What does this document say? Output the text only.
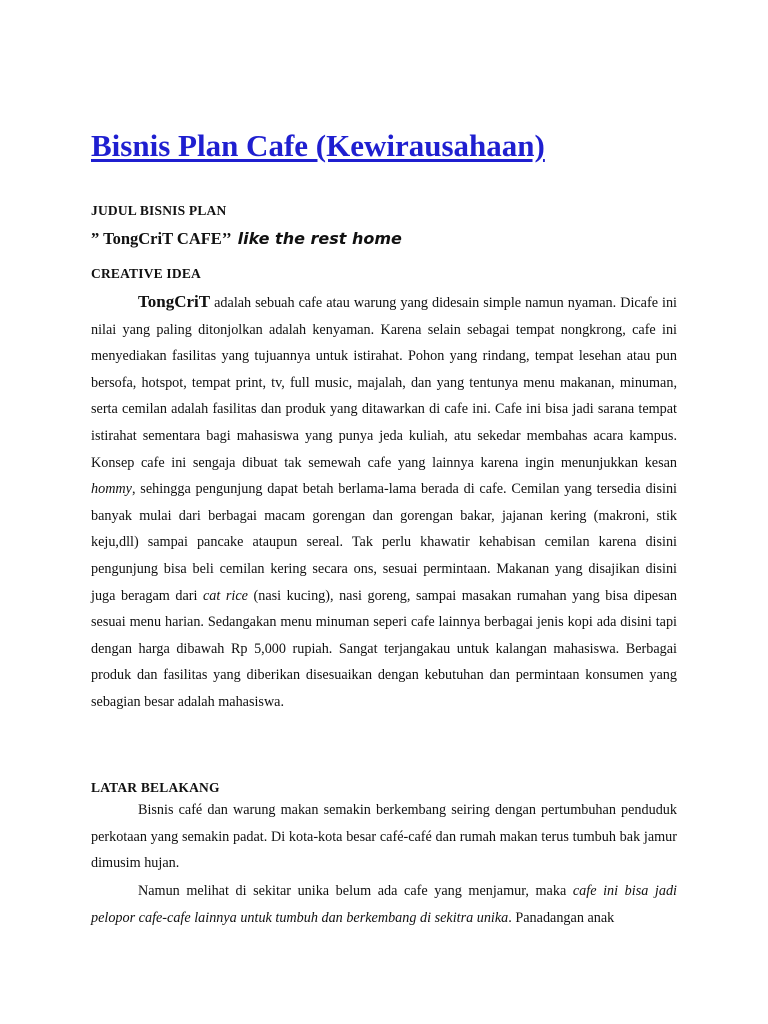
Bisnis Plan Cafe (Kewirausahaan)
JUDUL BISNIS PLAN
” TongCriT CAFE’’ like the rest home
CREATIVE IDEA

TongCriT adalah sebuah cafe atau warung yang didesain simple namun nyaman. Dicafe ini nilai yang paling ditonjolkan adalah kenyaman. Karena selain sebagai tempat nongkrong, cafe ini menyediakan fasilitas yang tujuannya untuk istirahat. Pohon yang rindang, tempat lesehan atau pun bersofa, hotspot, tempat print, tv, full music, majalah, dan yang tentunya menu makanan, minuman, serta cemilan adalah fasilitas dan produk yang ditawarkan di cafe ini. Cafe ini bisa jadi sarana tempat istirahat sementara bagi mahasiswa yang punya jeda kuliah, atu sekedar membahas acara kampus. Konsep cafe ini sengaja dibuat tak semewah cafe yang lainnya karena ingin menunjukkan kesan hommy, sehingga pengunjung dapat betah berlama-lama berada di cafe. Cemilan yang tersedia disini banyak mulai dari berbagai macam gorengan dan gorengan bakar, jajanan kering (makroni, stik keju,dll) sampai pancake ataupun sereal. Tak perlu khawatir kehabisan cemilan karena disini pengunjung bisa beli cemilan kering secara ons, sesuai permintaan. Makanan yang disajikan disini juga beragam dari cat rice (nasi kucing), nasi goreng, sampai masakan rumahan yang bisa dipesan sesuai menu harian. Sedangakan menu minuman seperi cafe lainnya berbagai jenis kopi ada disini tapi dengan harga dibawah Rp 5,000 rupiah. Sangat terjangakau untuk kalangan mahasiswa. Berbagai produk dan fasilitas yang diberikan disesuaikan dengan kebutuhan dan permintaan konsumen yang sebagian besar adalah mahasiswa.

LATAR BELAKANG

Bisnis café dan warung makan semakin berkembang seiring dengan pertumbuhan penduduk perkotaan yang semakin padat. Di kota-kota besar café-café dan rumah makan terus tumbuh bak jamur dimusim hujan.

Namun melihat di sekitar unika belum ada cafe yang menjamur, maka cafe ini bisa jadi pelopor cafe-cafe lainnya untuk tumbuh dan berkembang di sekitra unika. Panadangan anak
